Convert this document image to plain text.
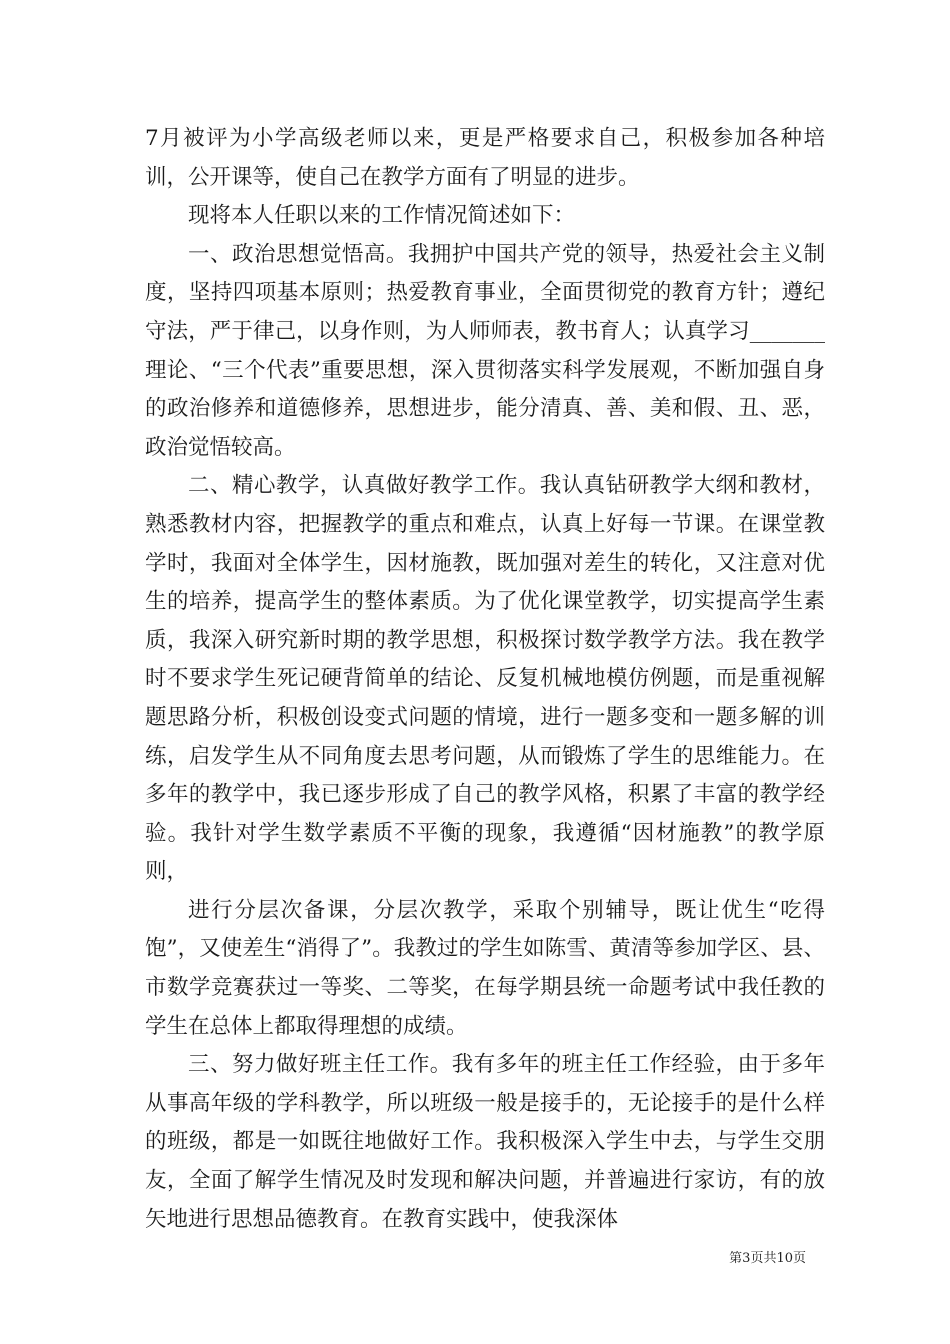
7月被评为小学高级老师以来，更是严格要求自己，积极参加各种培训，公开课等，使自己在教学方面有了明显的进步。

现将本人任职以来的工作情况简述如下：

一、政治思想觉悟高。我拥护中国共产党的领导，热爱社会主义制度，坚持四项基本原则；热爱教育事业，全面贯彻党的教育方针；遵纪守法，严于律己，以身作则，为人师师表，教书育人；认真学习_______理论、“三个代表”重要思想，深入贯彻落实科学发展观，不断加强自身的政治修养和道德修养，思想进步，能分清真、善、美和假、丑、恶，政治觉悟较高。

二、精心教学，认真做好教学工作。我认真钻研教学大纲和教材，熟悉教材内容，把握教学的重点和难点，认真上好每一节课。在课堂教学时，我面对全体学生，因材施教，既加强对差生的转化，又注意对优生的培养，提高学生的整体素质。为了优化课堂教学，切实提高学生素质，我深入研究新时期的教学思想，积极探讨数学教学方法。我在教学时不要求学生死记硬背简单的结论、反复机械地模仿例题，而是重视解题思路分析，积极创设变式问题的情境，进行一题多变和一题多解的训练，启发学生从不同角度去思考问题，从而锻炼了学生的思维能力。在多年的教学中，我已逐步形成了自己的教学风格，积累了丰富的教学经验。我针对学生数学素质不平衡的现象，我遵循“因材施教”的教学原则，

进行分层次备课，分层次教学，采取个别辅导，既让优生“吃得饱”，又使差生“消得了”。我教过的学生如陈雪、黄清等参加学区、县、市数学竞赛获过一等奖、二等奖，在每学期县统一命题考试中我任教的学生在总体上都取得理想的成绩。

三、努力做好班主任工作。我有多年的班主任工作经验，由于多年从事高年级的学科教学，所以班级一般是接手的，无论接手的是什么样的班级，都是一如既往地做好工作。我积极深入学生中去，与学生交朋友，全面了解学生情况及时发现和解决问题，并普遍进行家访，有的放矢地进行思想品德教育。在教育实践中，使我深体

第3页共10页
